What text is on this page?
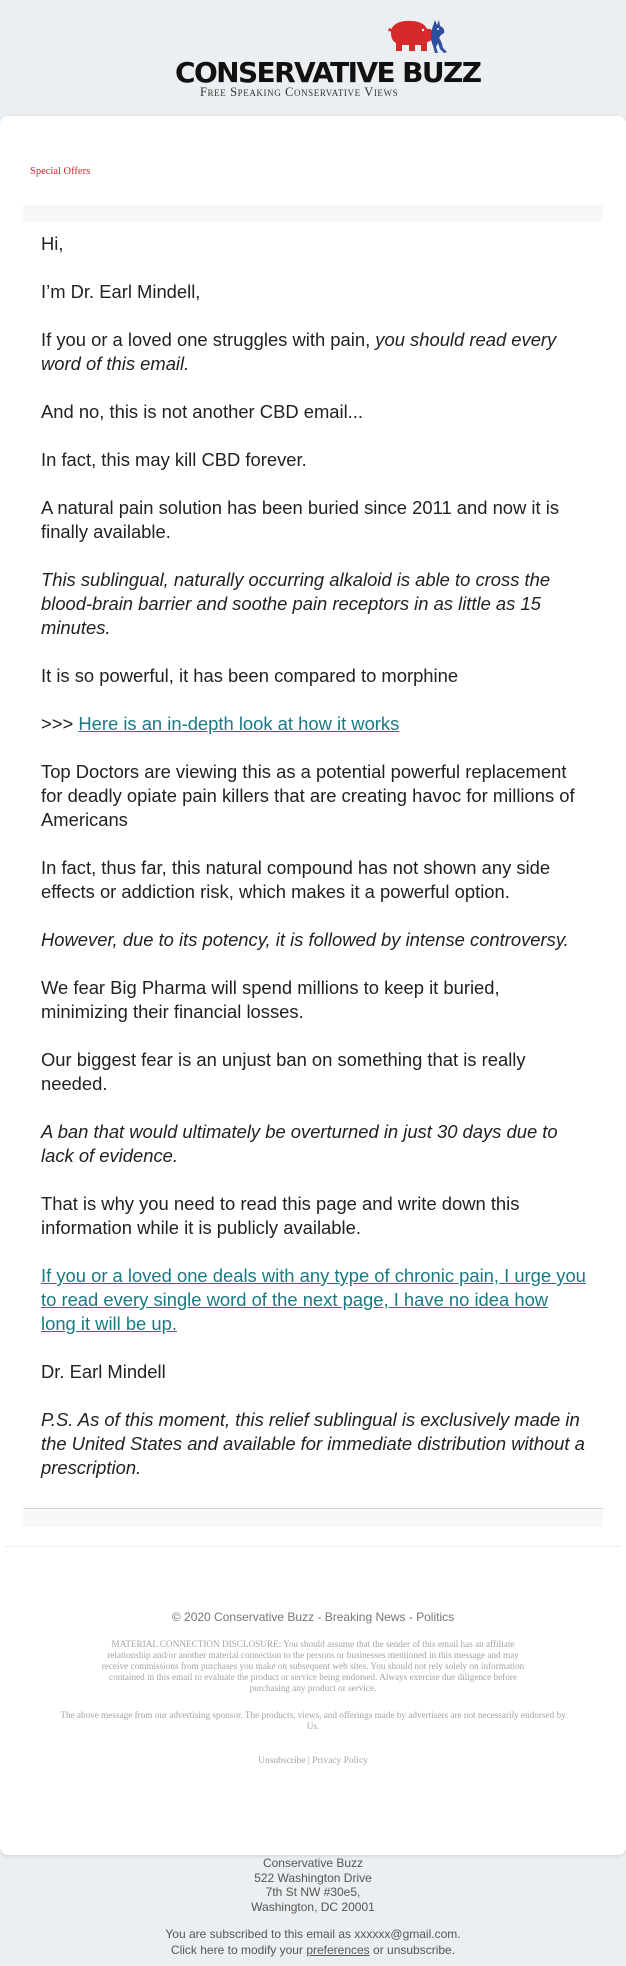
CONSERVATIVE BUZZ
Free Speaking Conservative Views
Special Offers

Hi,

I’m Dr. Earl Mindell,

If you or a loved one struggles with pain, you should read every word of this email.

And no, this is not another CBD email...

In fact, this may kill CBD forever.

A natural pain solution has been buried since 2011 and now it is finally available.

This sublingual, naturally occurring alkaloid is able to cross the blood-brain barrier and soothe pain receptors in as little as 15 minutes.

It is so powerful, it has been compared to morphine

>>> Here is an in-depth look at how it works

Top Doctors are viewing this as a potential powerful replacement for deadly opiate pain killers that are creating havoc for millions of Americans

In fact, thus far, this natural compound has not shown any side effects or addiction risk, which makes it a powerful option.

However, due to its potency, it is followed by intense controversy.

We fear Big Pharma will spend millions to keep it buried, minimizing their financial losses.

Our biggest fear is an unjust ban on something that is really needed.

A ban that would ultimately be overturned in just 30 days due to lack of evidence.

That is why you need to read this page and write down this information while it is publicly available.

If you or a loved one deals with any type of chronic pain, I urge you to read every single word of the next page, I have no idea how long it will be up.

Dr. Earl Mindell

P.S. As of this moment, this relief sublingual is exclusively made in the United States and available for immediate distribution without a prescription.

© 2020 Conservative Buzz - Breaking News - Politics
MATERIAL CONNECTION DISCLOSURE: You should assume that the sender of this email has an affiliate relationship and/or another material connection to the persons or businesses mentioned in this message and may receive commissions from purchases you make on subsequent web sites. You should not rely solely on information contained in this email to evaluate the product or service being endorsed. Always exercise due diligence before purchasing any product or service.
The above message from our advertising sponsor. The products, views, and offerings made by advertisers are not necessarily endorsed by Us.
Unsubscribe | Privacy Policy
Conservative Buzz
522 Washington Drive
7th St NW #30e5,
Washington, DC 20001
You are subscribed to this email as xxxxxx@gmail.com.
Click here to modify your preferences or unsubscribe.
